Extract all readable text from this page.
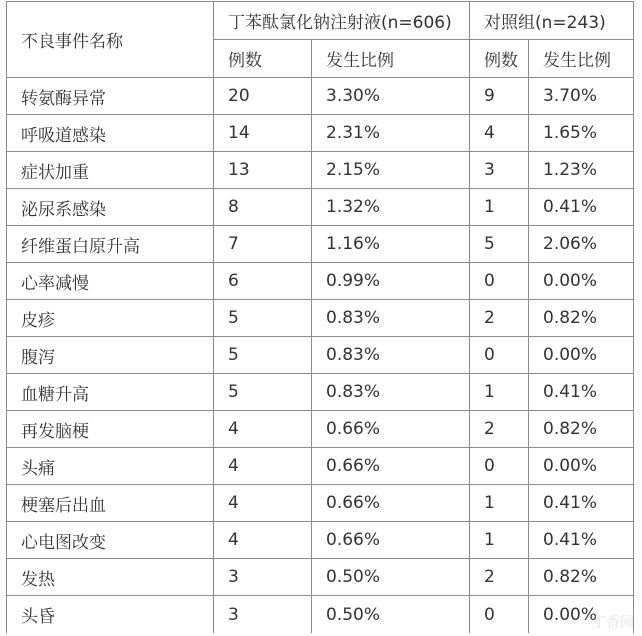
不良事件名称	丁苯酞氯化钠注射液(n=606)		对照组(n=243)	
	例数	发生比例	例数	发生比例
转氨酶异常	20	3.30%	9	3.70%
呼吸道感染	14	2.31%	4	1.65%
症状加重	13	2.15%	3	1.23%
泌尿系感染	8	1.32%	1	0.41%
纤维蛋白原升高	7	1.16%	5	2.06%
心率减慢	6	0.99%	0	0.00%
皮疹	5	0.83%	2	0.82%
腹泻	5	0.83%	0	0.00%
血糖升高	5	0.83%	1	0.41%
再发脑梗	4	0.66%	2	0.82%
头痛	4	0.66%	0	0.00%
梗塞后出血	4	0.66%	1	0.41%
心电图改变	4	0.66%	1	0.41%
发热	3	0.50%	2	0.82%
头昏	3	0.50%	0	0.00%
丁香园
